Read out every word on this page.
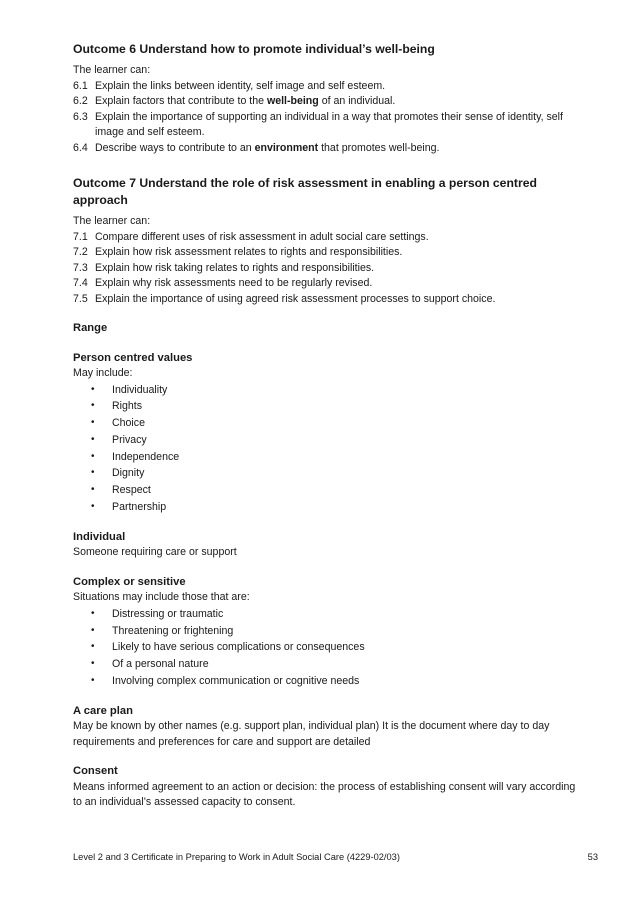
Outcome 6 Understand how to promote individual’s well-being

The learner can:

6.1 Explain the links between identity, self image and self esteem.
6.2 Explain factors that contribute to the well-being of an individual.
6.3 Explain the importance of supporting an individual in a way that promotes their sense of identity, self image and self esteem.
6.4 Describe ways to contribute to an environment that promotes well-being.

Outcome 7 Understand the role of risk assessment in enabling a person centred approach

The learner can:

7.1 Compare different uses of risk assessment in adult social care settings.
7.2 Explain how risk assessment relates to rights and responsibilities.
7.3 Explain how risk taking relates to rights and responsibilities.
7.4 Explain why risk assessments need to be regularly revised.
7.5 Explain the importance of using agreed risk assessment processes to support choice.

Range

Person centred values

May include:

•	Individuality
•	Rights
•	Choice
•	Privacy
•	Independence
•	Dignity
•	Respect
•	Partnership

Individual

Someone requiring care or support

Complex or sensitive

Situations may include those that are:

•	Distressing or traumatic
•	Threatening or frightening
•	Likely to have serious complications or consequences
•	Of a personal nature
•	Involving complex communication or cognitive needs

A care plan

May be known by other names (e.g. support plan, individual plan) It is the document where day to day requirements and preferences for care and support are detailed

Consent

Means informed agreement to an action or decision: the process of establishing consent will vary according to an individual’s assessed capacity to consent.

Level 2 and 3 Certificate in Preparing to Work in Adult Social Care (4229-02/03)	53
